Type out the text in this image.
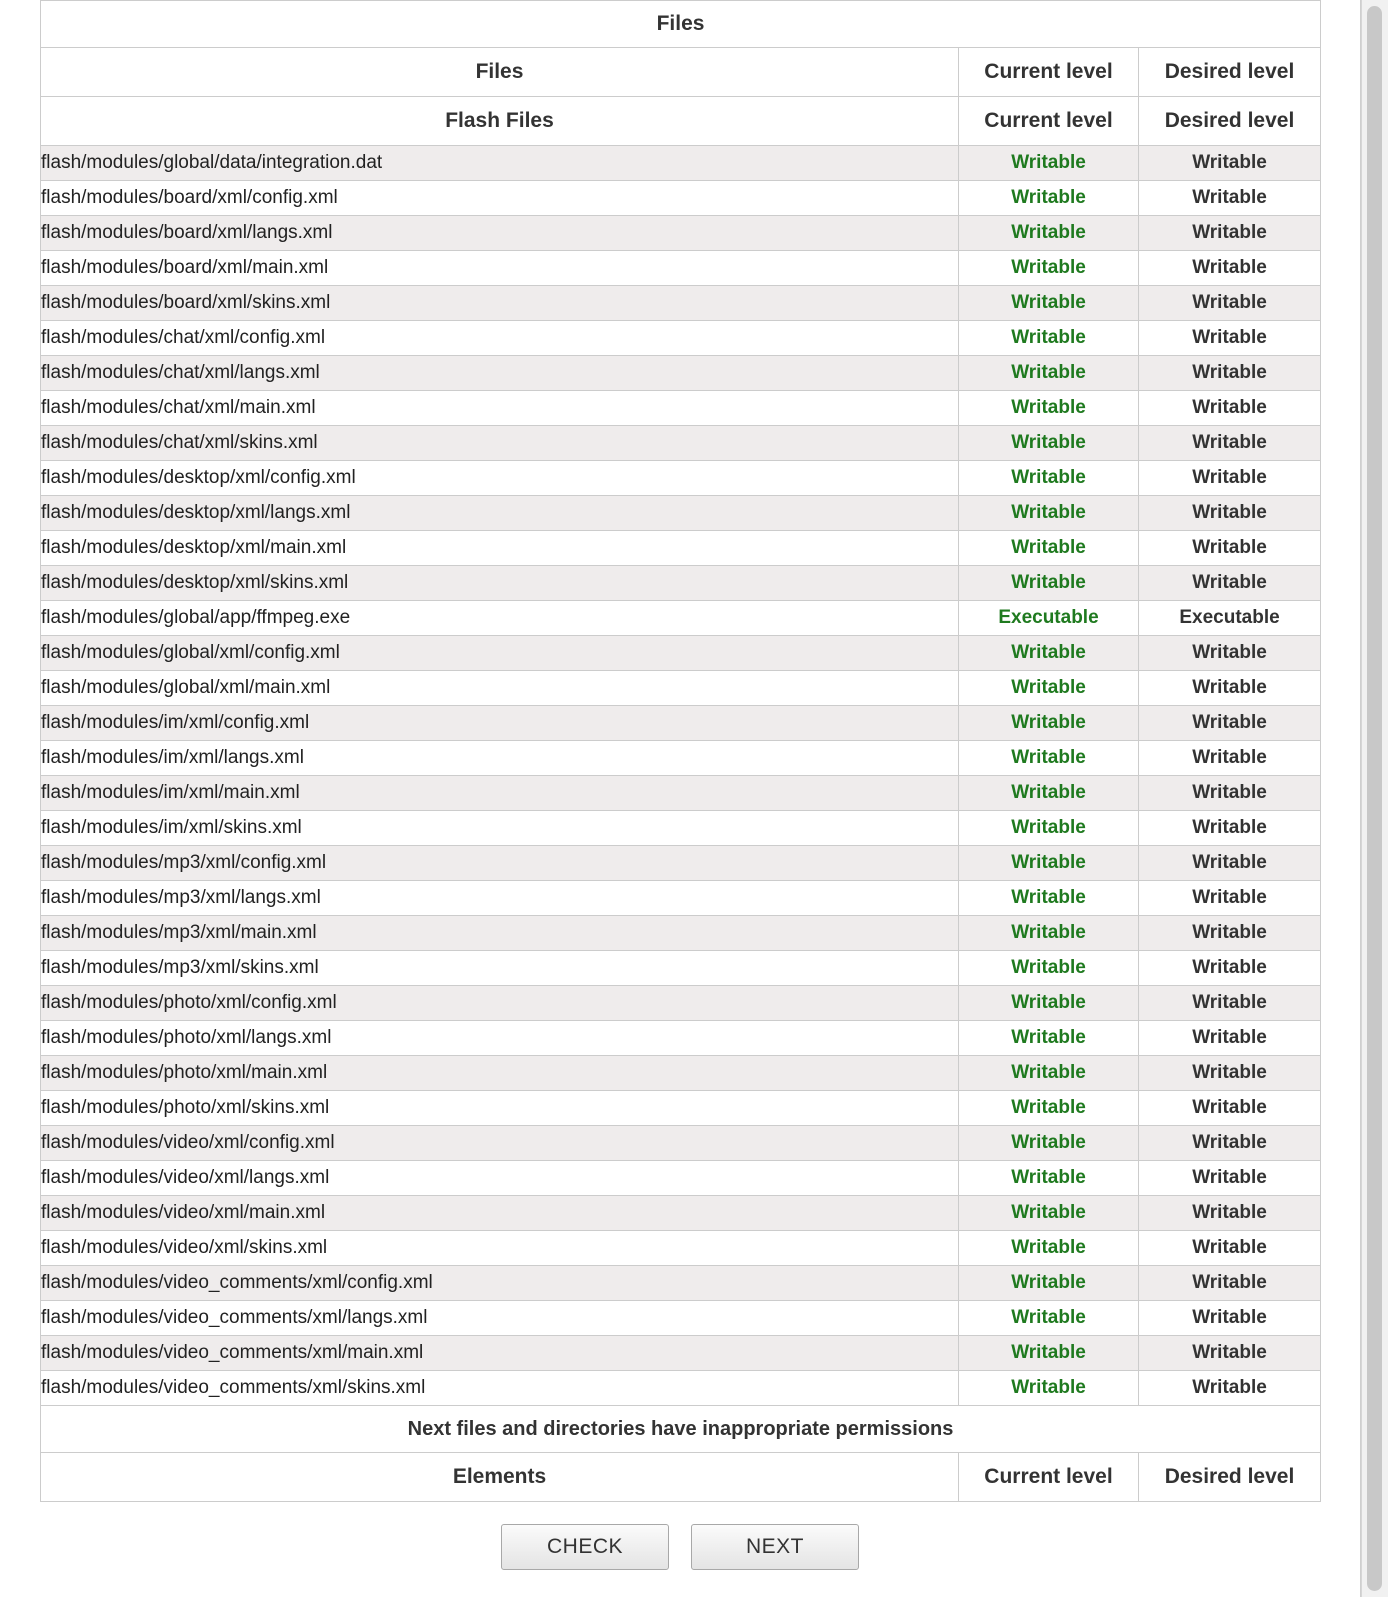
Files		
Files	Current level	Desired level
Flash Files	Current level	Desired level
flash/modules/global/data/integration.dat	Writable	Writable
flash/modules/board/xml/config.xml	Writable	Writable
flash/modules/board/xml/langs.xml	Writable	Writable
flash/modules/board/xml/main.xml	Writable	Writable
flash/modules/board/xml/skins.xml	Writable	Writable
flash/modules/chat/xml/config.xml	Writable	Writable
flash/modules/chat/xml/langs.xml	Writable	Writable
flash/modules/chat/xml/main.xml	Writable	Writable
flash/modules/chat/xml/skins.xml	Writable	Writable
flash/modules/desktop/xml/config.xml	Writable	Writable
flash/modules/desktop/xml/langs.xml	Writable	Writable
flash/modules/desktop/xml/main.xml	Writable	Writable
flash/modules/desktop/xml/skins.xml	Writable	Writable
flash/modules/global/app/ffmpeg.exe	Executable	Executable
flash/modules/global/xml/config.xml	Writable	Writable
flash/modules/global/xml/main.xml	Writable	Writable
flash/modules/im/xml/config.xml	Writable	Writable
flash/modules/im/xml/langs.xml	Writable	Writable
flash/modules/im/xml/main.xml	Writable	Writable
flash/modules/im/xml/skins.xml	Writable	Writable
flash/modules/mp3/xml/config.xml	Writable	Writable
flash/modules/mp3/xml/langs.xml	Writable	Writable
flash/modules/mp3/xml/main.xml	Writable	Writable
flash/modules/mp3/xml/skins.xml	Writable	Writable
flash/modules/photo/xml/config.xml	Writable	Writable
flash/modules/photo/xml/langs.xml	Writable	Writable
flash/modules/photo/xml/main.xml	Writable	Writable
flash/modules/photo/xml/skins.xml	Writable	Writable
flash/modules/video/xml/config.xml	Writable	Writable
flash/modules/video/xml/langs.xml	Writable	Writable
flash/modules/video/xml/main.xml	Writable	Writable
flash/modules/video/xml/skins.xml	Writable	Writable
flash/modules/video_comments/xml/config.xml	Writable	Writable
flash/modules/video_comments/xml/langs.xml	Writable	Writable
flash/modules/video_comments/xml/main.xml	Writable	Writable
flash/modules/video_comments/xml/skins.xml	Writable	Writable
Next files and directories have inappropriate permissions		
Elements	Current level	Desired level
CHECK	NEXT
